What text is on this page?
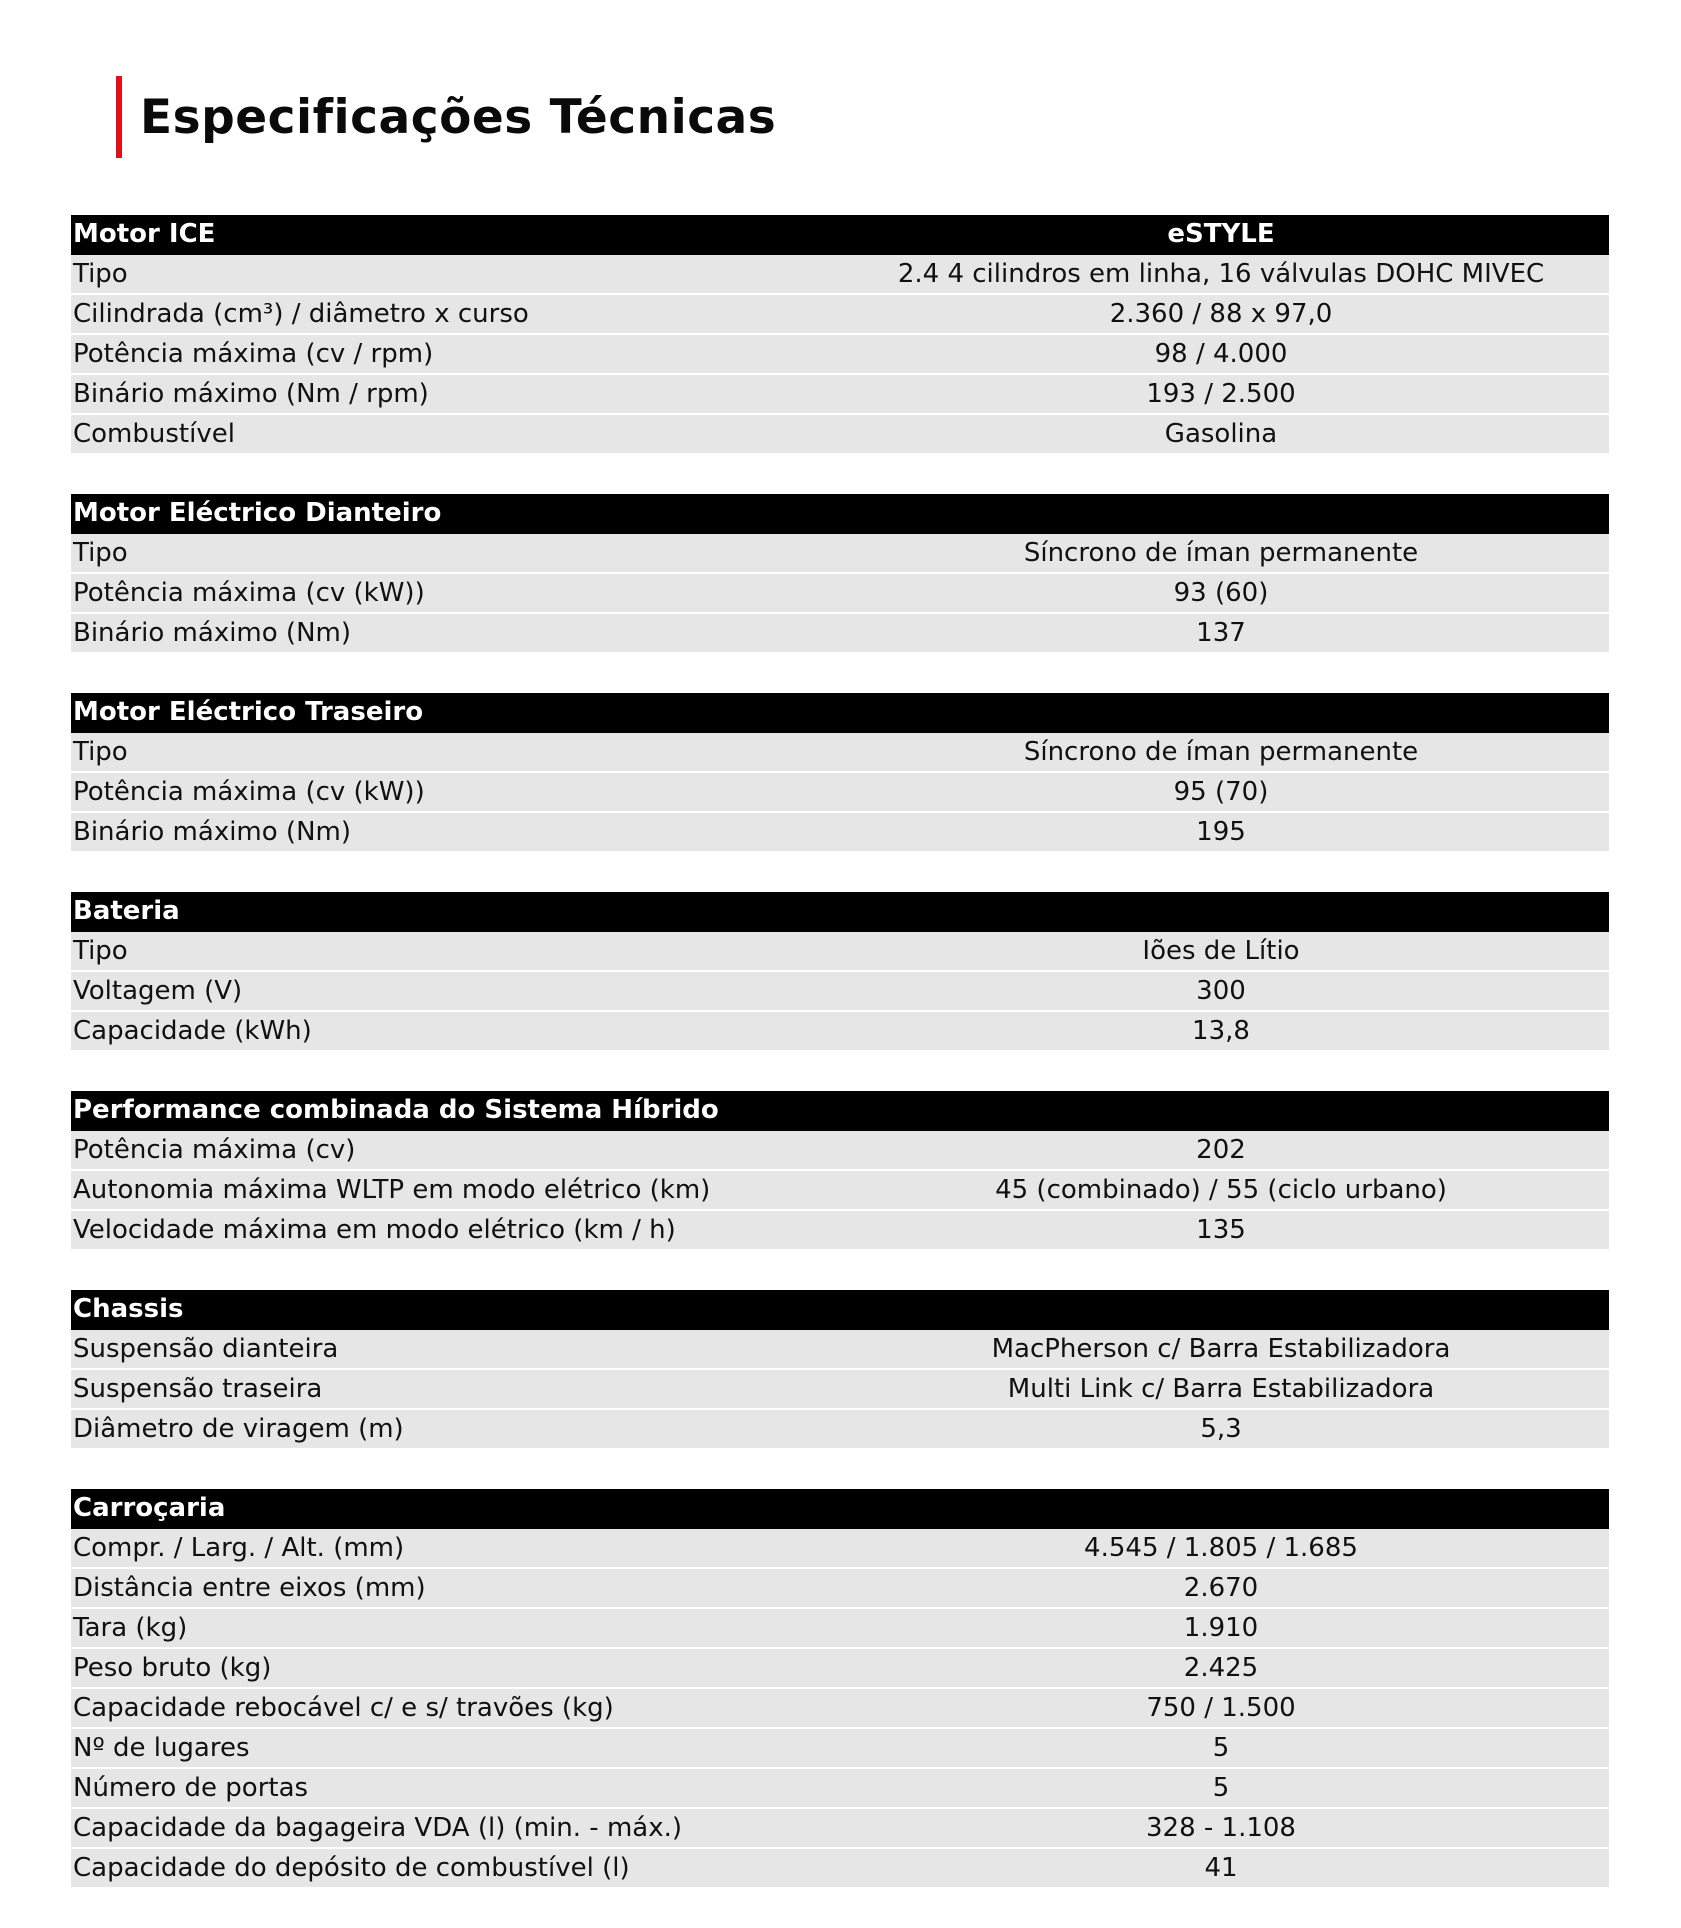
Especificações Técnicas
Motor ICE	eSTYLE
Tipo	2.4 4 cilindros em linha, 16 válvulas DOHC MIVEC
Cilindrada (cm³) / diâmetro x curso	2.360 / 88 x 97,0
Potência máxima (cv / rpm)	98 / 4.000
Binário máximo (Nm / rpm)	193 / 2.500
Combustível	Gasolina
Motor Eléctrico Dianteiro
Tipo	Síncrono de íman permanente
Potência máxima (cv (kW))	93 (60)
Binário máximo (Nm)	137
Motor Eléctrico Traseiro
Tipo	Síncrono de íman permanente
Potência máxima (cv (kW))	95 (70)
Binário máximo (Nm)	195
Bateria
Tipo	Iões de Lítio
Voltagem (V)	300
Capacidade (kWh)	13,8
Performance combinada do Sistema Híbrido
Potência máxima (cv)	202
Autonomia máxima WLTP em modo elétrico (km)	45 (combinado) / 55 (ciclo urbano)
Velocidade máxima em modo elétrico (km / h)	135
Chassis
Suspensão dianteira	MacPherson c/ Barra Estabilizadora
Suspensão traseira	Multi Link c/ Barra Estabilizadora
Diâmetro de viragem (m)	5,3
Carroçaria
Compr. / Larg. / Alt. (mm)	4.545 / 1.805 / 1.685
Distância entre eixos (mm)	2.670
Tara (kg)	1.910
Peso bruto (kg)	2.425
Capacidade rebocável c/ e s/ travões (kg)	750 / 1.500
Nº de lugares	5
Número de portas	5
Capacidade da bagageira VDA (l) (min. - máx.)	328 - 1.108
Capacidade do depósito de combustível (l)	41
